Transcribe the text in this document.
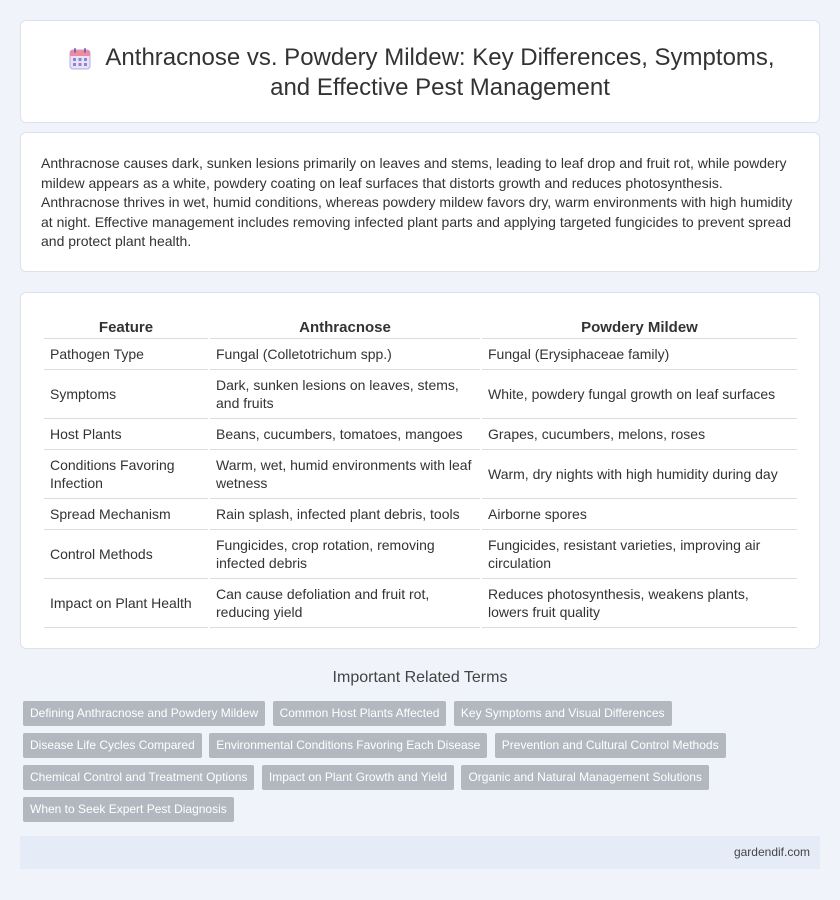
Anthracnose vs. Powdery Mildew: Key Differences, Symptoms, and Effective Pest Management

Anthracnose causes dark, sunken lesions primarily on leaves and stems, leading to leaf drop and fruit rot, while powdery mildew appears as a white, powdery coating on leaf surfaces that distorts growth and reduces photosynthesis. Anthracnose thrives in wet, humid conditions, whereas powdery mildew favors dry, warm environments with high humidity at night. Effective management includes removing infected plant parts and applying targeted fungicides to prevent spread and protect plant health.

Feature	Anthracnose	Powdery Mildew
Pathogen Type	Fungal (Colletotrichum spp.)	Fungal (Erysiphaceae family)
Symptoms	Dark, sunken lesions on leaves, stems, and fruits	White, powdery fungal growth on leaf surfaces
Host Plants	Beans, cucumbers, tomatoes, mangoes	Grapes, cucumbers, melons, roses
Conditions Favoring Infection	Warm, wet, humid environments with leaf wetness	Warm, dry nights with high humidity during day
Spread Mechanism	Rain splash, infected plant debris, tools	Airborne spores
Control Methods	Fungicides, crop rotation, removing infected debris	Fungicides, resistant varieties, improving air circulation
Impact on Plant Health	Can cause defoliation and fruit rot, reducing yield	Reduces photosynthesis, weakens plants, lowers fruit quality
Important Related Terms
Defining Anthracnose and Powdery Mildew Common Host Plants Affected Key Symptoms and Visual Differences Disease Life Cycles Compared Environmental Conditions Favoring Each Disease Prevention and Cultural Control Methods Chemical Control and Treatment Options Impact on Plant Growth and Yield Organic and Natural Management Solutions When to Seek Expert Pest Diagnosis
gardendif.com
